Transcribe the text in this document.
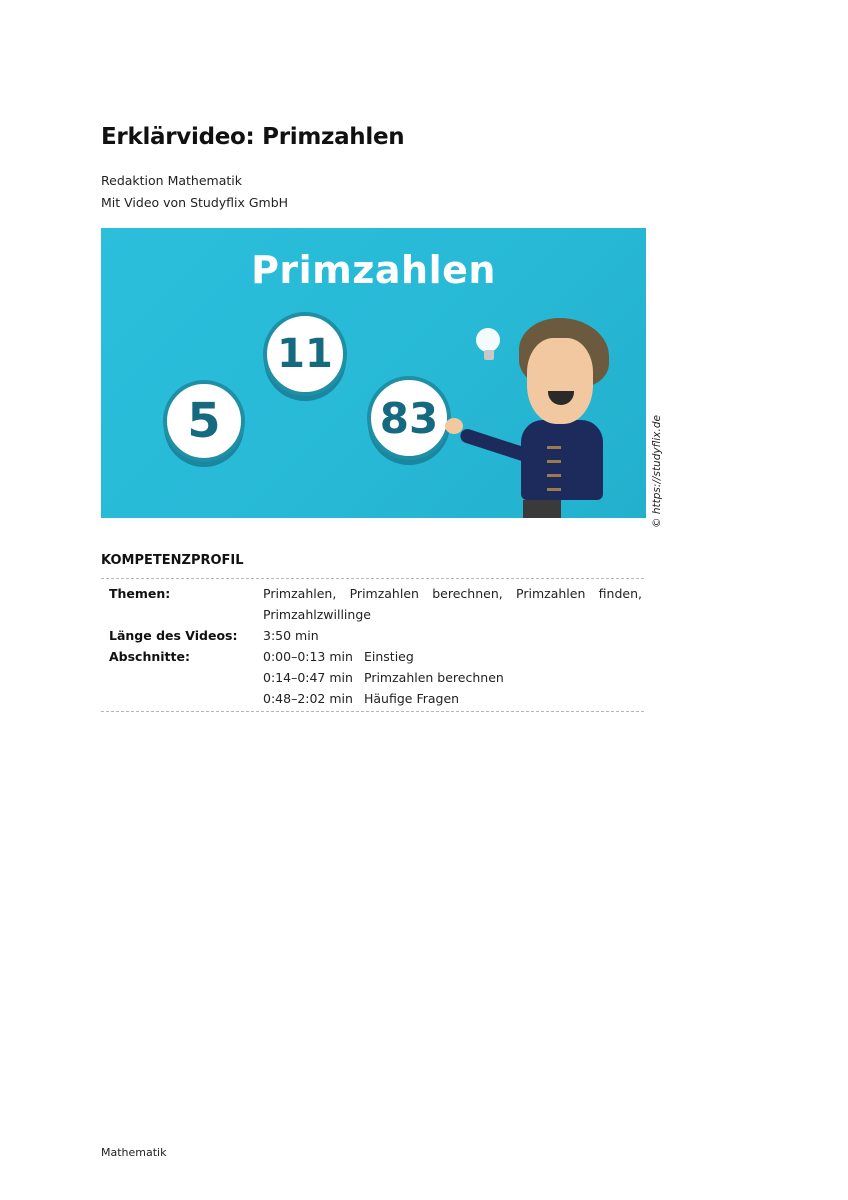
Erklärvideo: Primzahlen
Redaktion Mathematik
Mit Video von Studyflix GmbH
Primzahlen
5
11
83	© https://studyflix.de
KOMPETENZPROFIL
Themen:	Primzahlen, Primzahlen berechnen, Primzahlen finden,
Primzahlzwillinge
Länge des Videos:	3:50 min
Abschnitte:	0:00–0:13 min Einstieg
0:14–0:47 min Primzahlen berechnen
0:48–2:02 min Häufige Fragen
Mathematik
